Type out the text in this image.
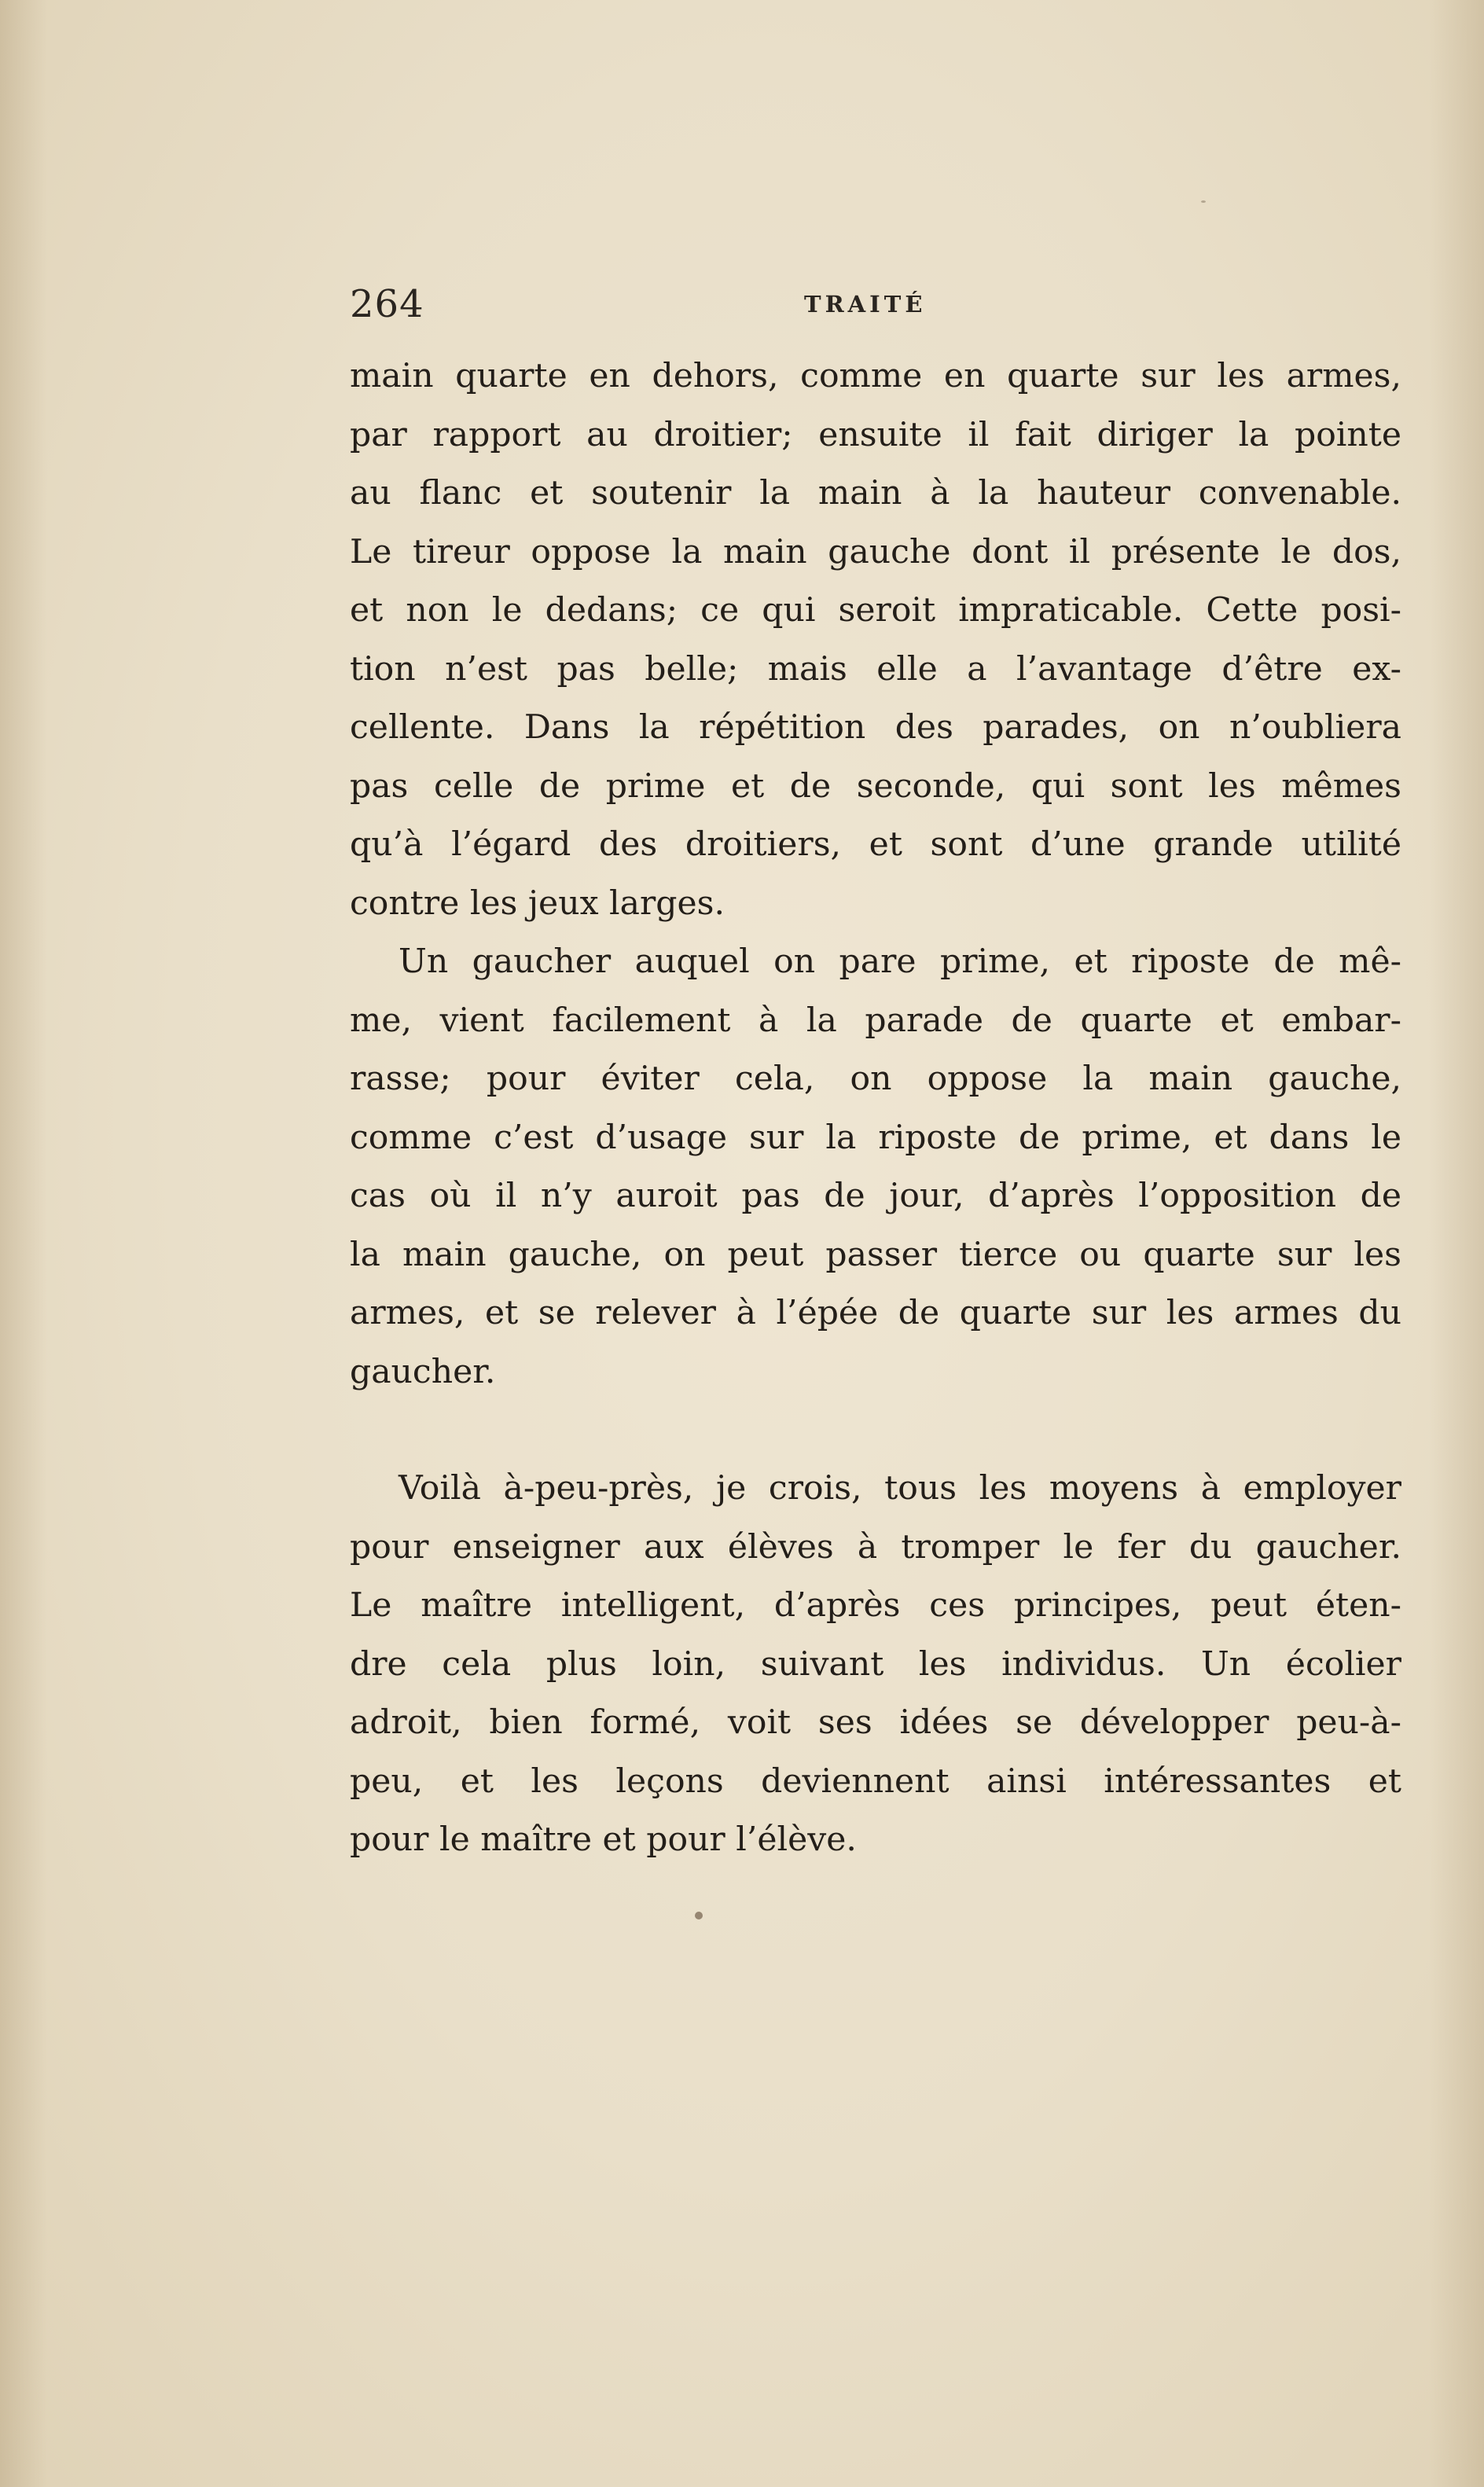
264	TRAITÉ
main quarte en dehors, comme en quarte sur les armes,
par rapport au droitier; ensuite il fait diriger la pointe
au flanc et soutenir la main à la hauteur convenable.
Le tireur oppose la main gauche dont il présente le dos,
et non le dedans; ce qui seroit impraticable. Cette posi-
tion n’est pas belle; mais elle a l’avantage d’être ex-
cellente. Dans la répétition des parades, on n’oubliera
pas celle de prime et de seconde, qui sont les mêmes
qu’à l’égard des droitiers, et sont d’une grande utilité
contre les jeux larges.
Un gaucher auquel on pare prime, et riposte de mê-
me, vient facilement à la parade de quarte et embar-
rasse; pour éviter cela, on oppose la main gauche,
comme c’est d’usage sur la riposte de prime, et dans le
cas où il n’y auroit pas de jour, d’après l’opposition de
la main gauche, on peut passer tierce ou quarte sur les
armes, et se relever à l’épée de quarte sur les armes du
gaucher.
Voilà à-peu-près, je crois, tous les moyens à employer
pour enseigner aux élèves à tromper le fer du gaucher.
Le maître intelligent, d’après ces principes, peut éten-
dre cela plus loin, suivant les individus. Un écolier
adroit, bien formé, voit ses idées se développer peu-à-
peu, et les leçons deviennent ainsi intéressantes et
pour le maître et pour l’élève.
